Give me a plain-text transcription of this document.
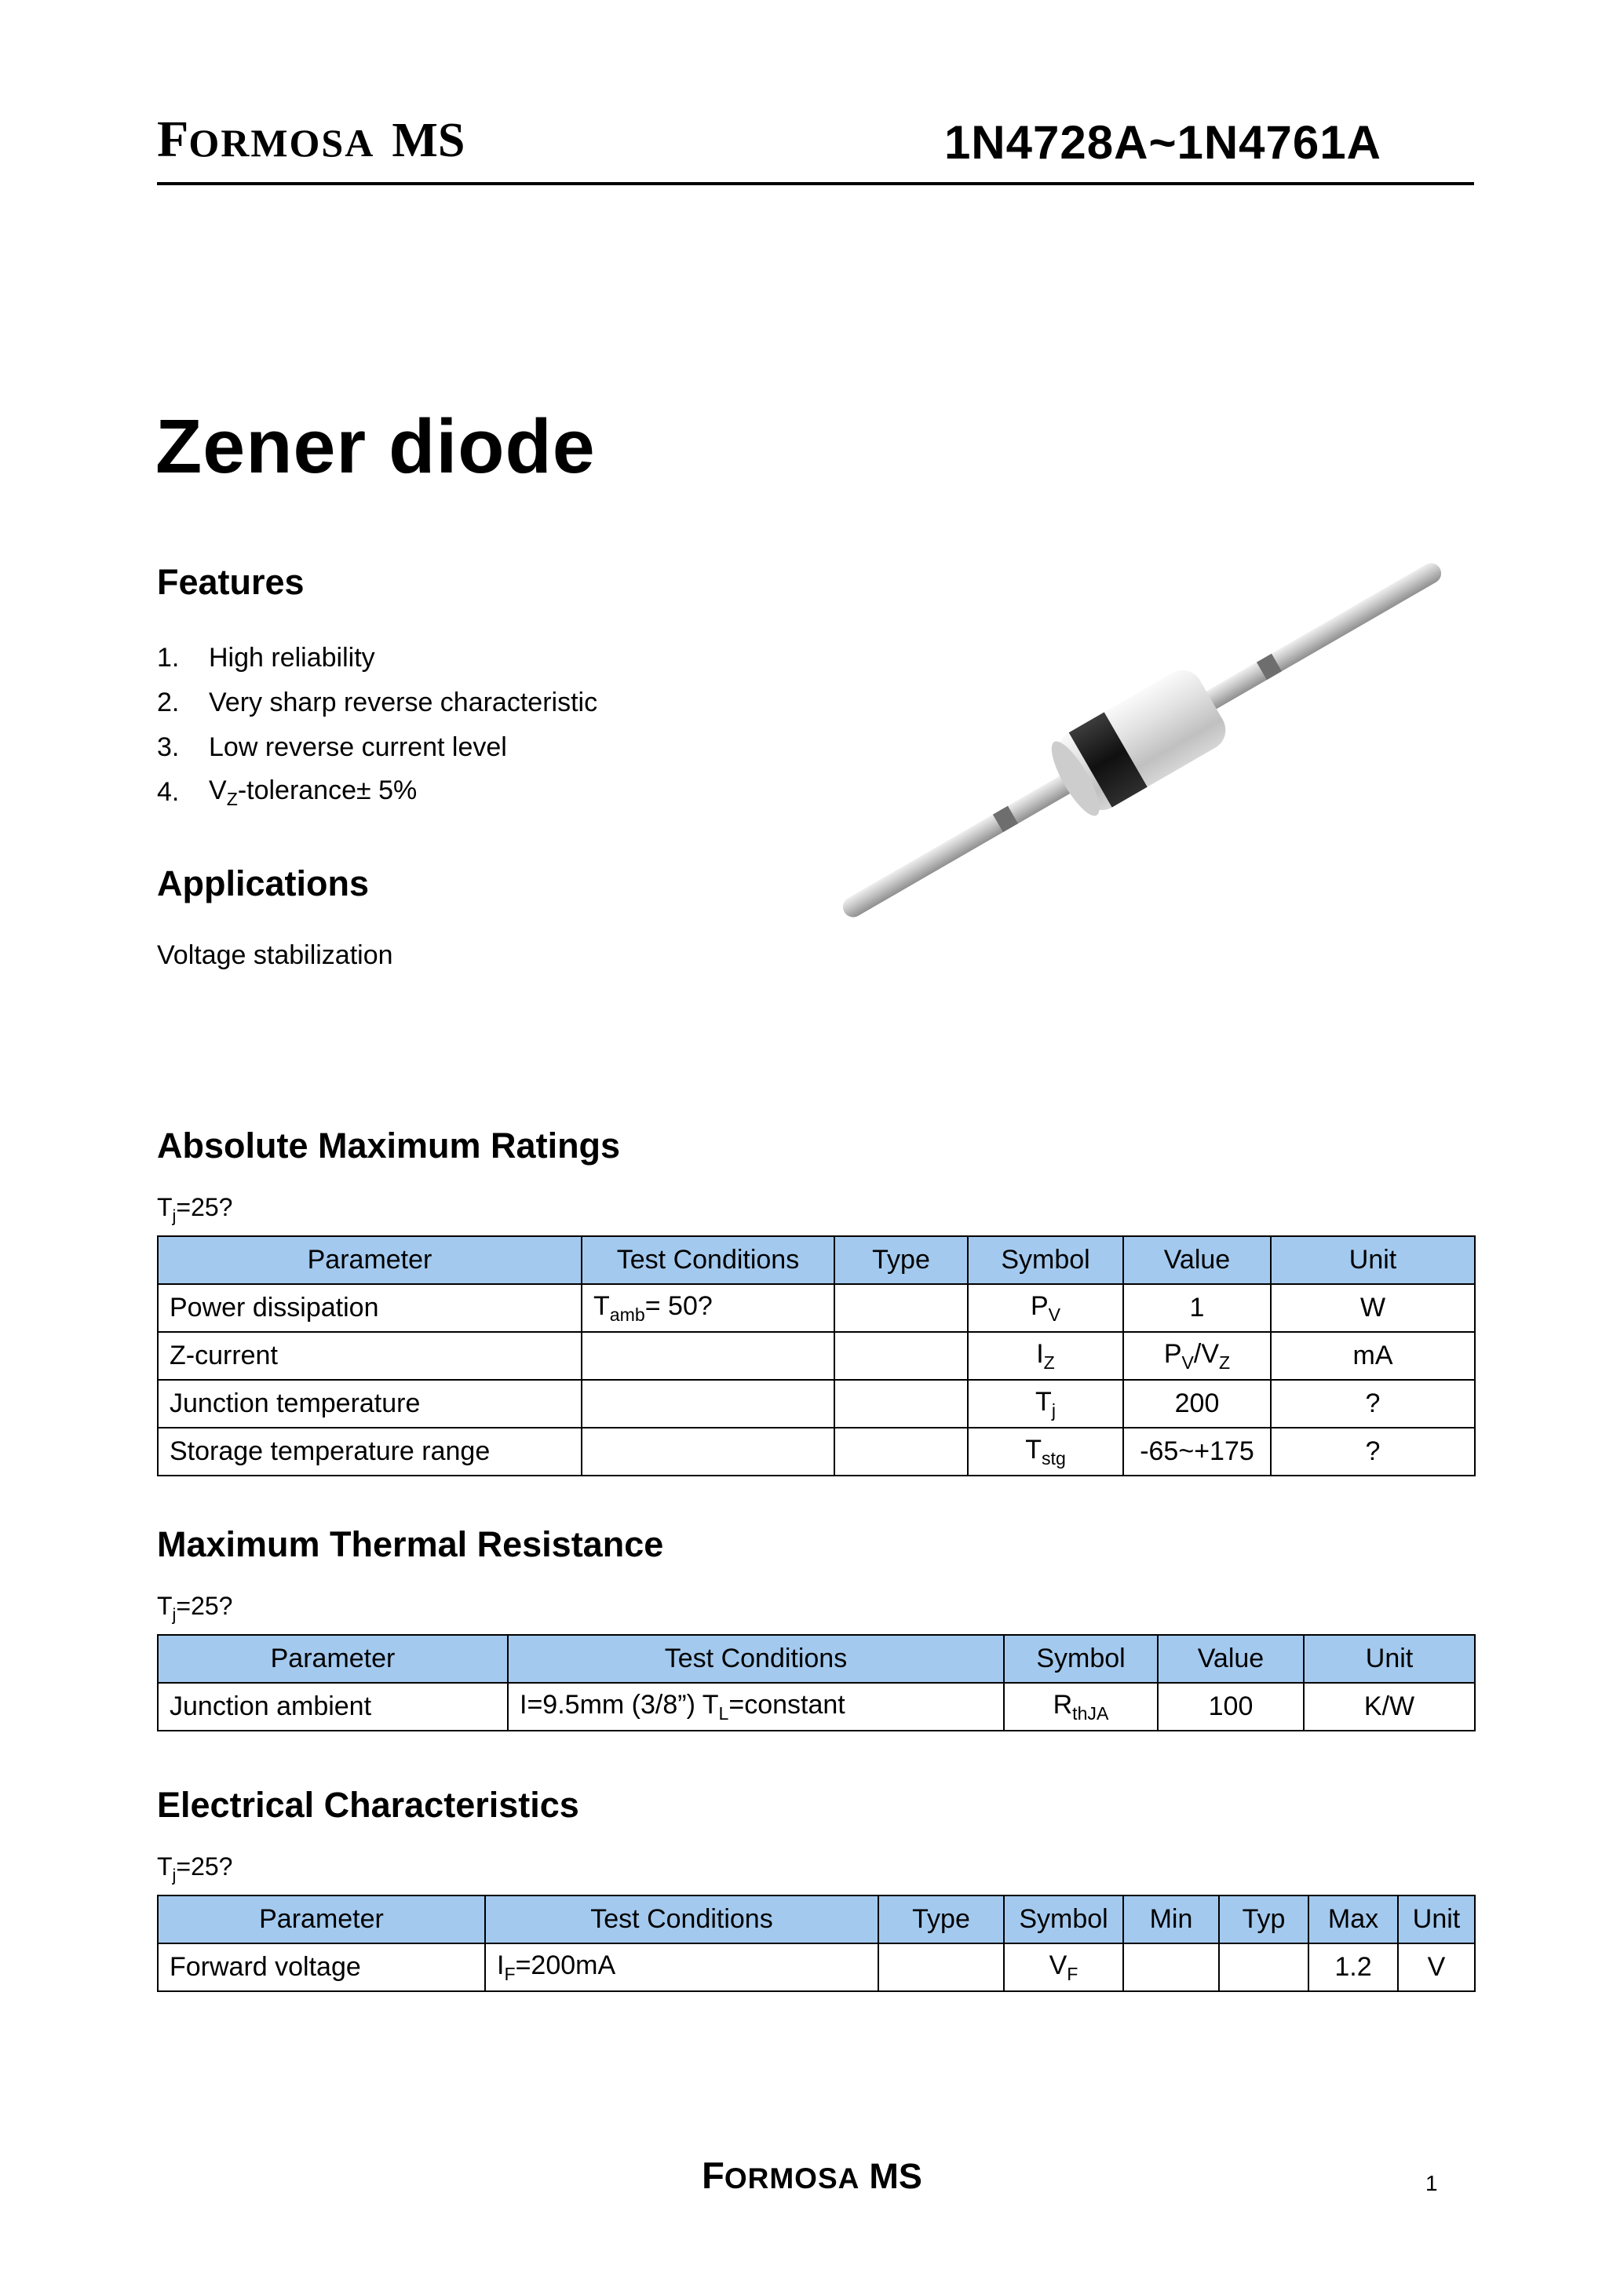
FORMOSA MS	1N4728A~1N4761A
Zener diode
Features
1.	High reliability
2.	Very sharp reverse characteristic
3.	Low reverse current level
4.	$V_Z-tolerance\pm 5\%$
Applications
Voltage stabilization
Absolute Maximum Ratings
$T_j=25$?
Parameter	Test Conditions	Type	Symbol	Value	Unit
Power dissipation	$T_{amb}= 50$?		$P_V$	1	W
Z-current			$I_Z$	$P_V/V_Z$	mA
Junction temperature			$T_j$	200	?
Storage temperature range			$T_{stg}$	-65~+175	?
Maximum Thermal Resistance
$T_j=25$?
Parameter	Test Conditions	Symbol	Value	Unit
Junction ambient	I=9.5mm (3/8”) $T_L=constant$	$R_{thJA}$	100	K/W
Electrical Characteristics
$T_j=25$?
Parameter	Test Conditions	Type	Symbol	Min	Typ	Max	Unit
Forward voltage	$I_F=200mA$		$V_F$			1.2	V
FORMOSA MS	1
